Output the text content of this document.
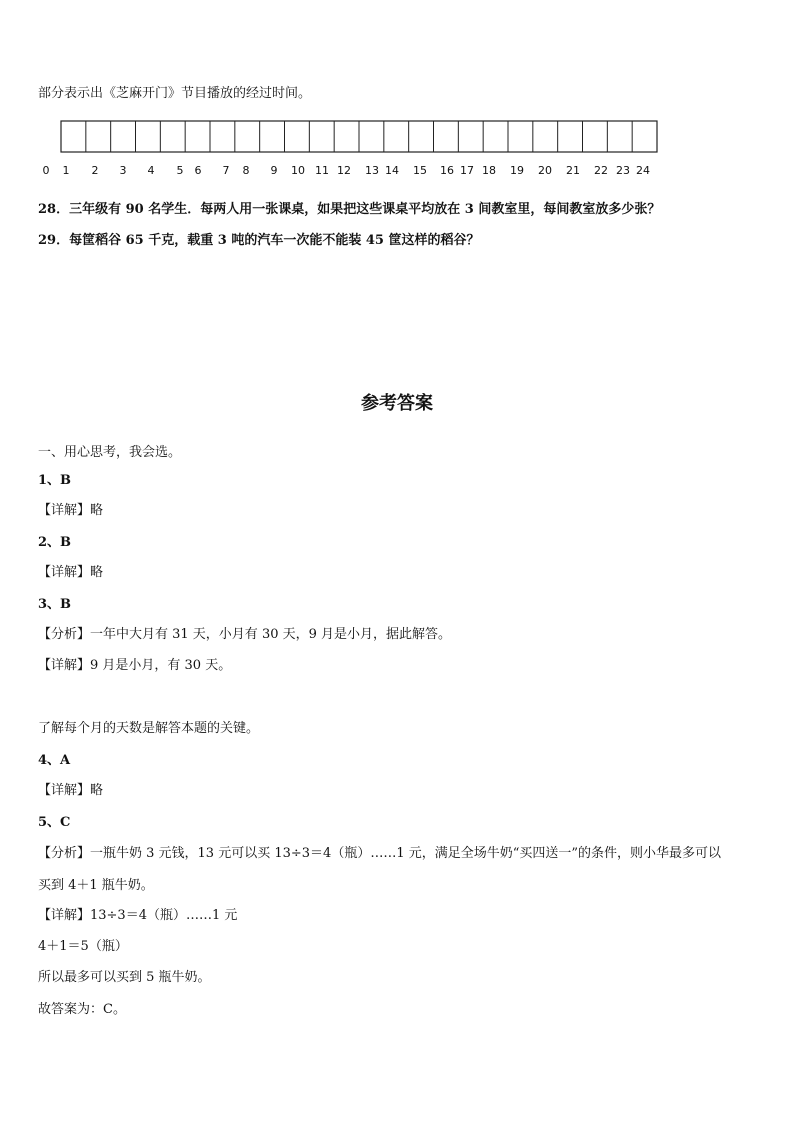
部分表示出《芝麻开门》节目播放的经过时间。
0 1 2 3 4 5 6 7 8 9 10 11 12 13 14 15 16 17 18 19 20 21 22 23 24
28．三年级有 90 名学生．每两人用一张课桌，如果把这些课桌平均放在 3 间教室里，每间教室放多少张？
29．每筐稻谷 65 千克，载重 3 吨的汽车一次能不能装 45 筐这样的稻谷？
参考答案
一、用心思考，我会选。
1、B
【详解】略
2、B
【详解】略
3、B
【分析】一年中大月有 31 天，小月有 30 天，9 月是小月，据此解答。
【详解】9 月是小月，有 30 天。
了解每个月的天数是解答本题的关键。
4、A
【详解】略
5、C
【分析】一瓶牛奶 3 元钱，13 元可以买 13÷3＝4（瓶）……1 元，满足全场牛奶“买四送一”的条件，则小华最多可以
买到 4＋1 瓶牛奶。
【详解】13÷3＝4（瓶）……1 元
4＋1＝5（瓶）
所以最多可以买到 5 瓶牛奶。
故答案为：C。
